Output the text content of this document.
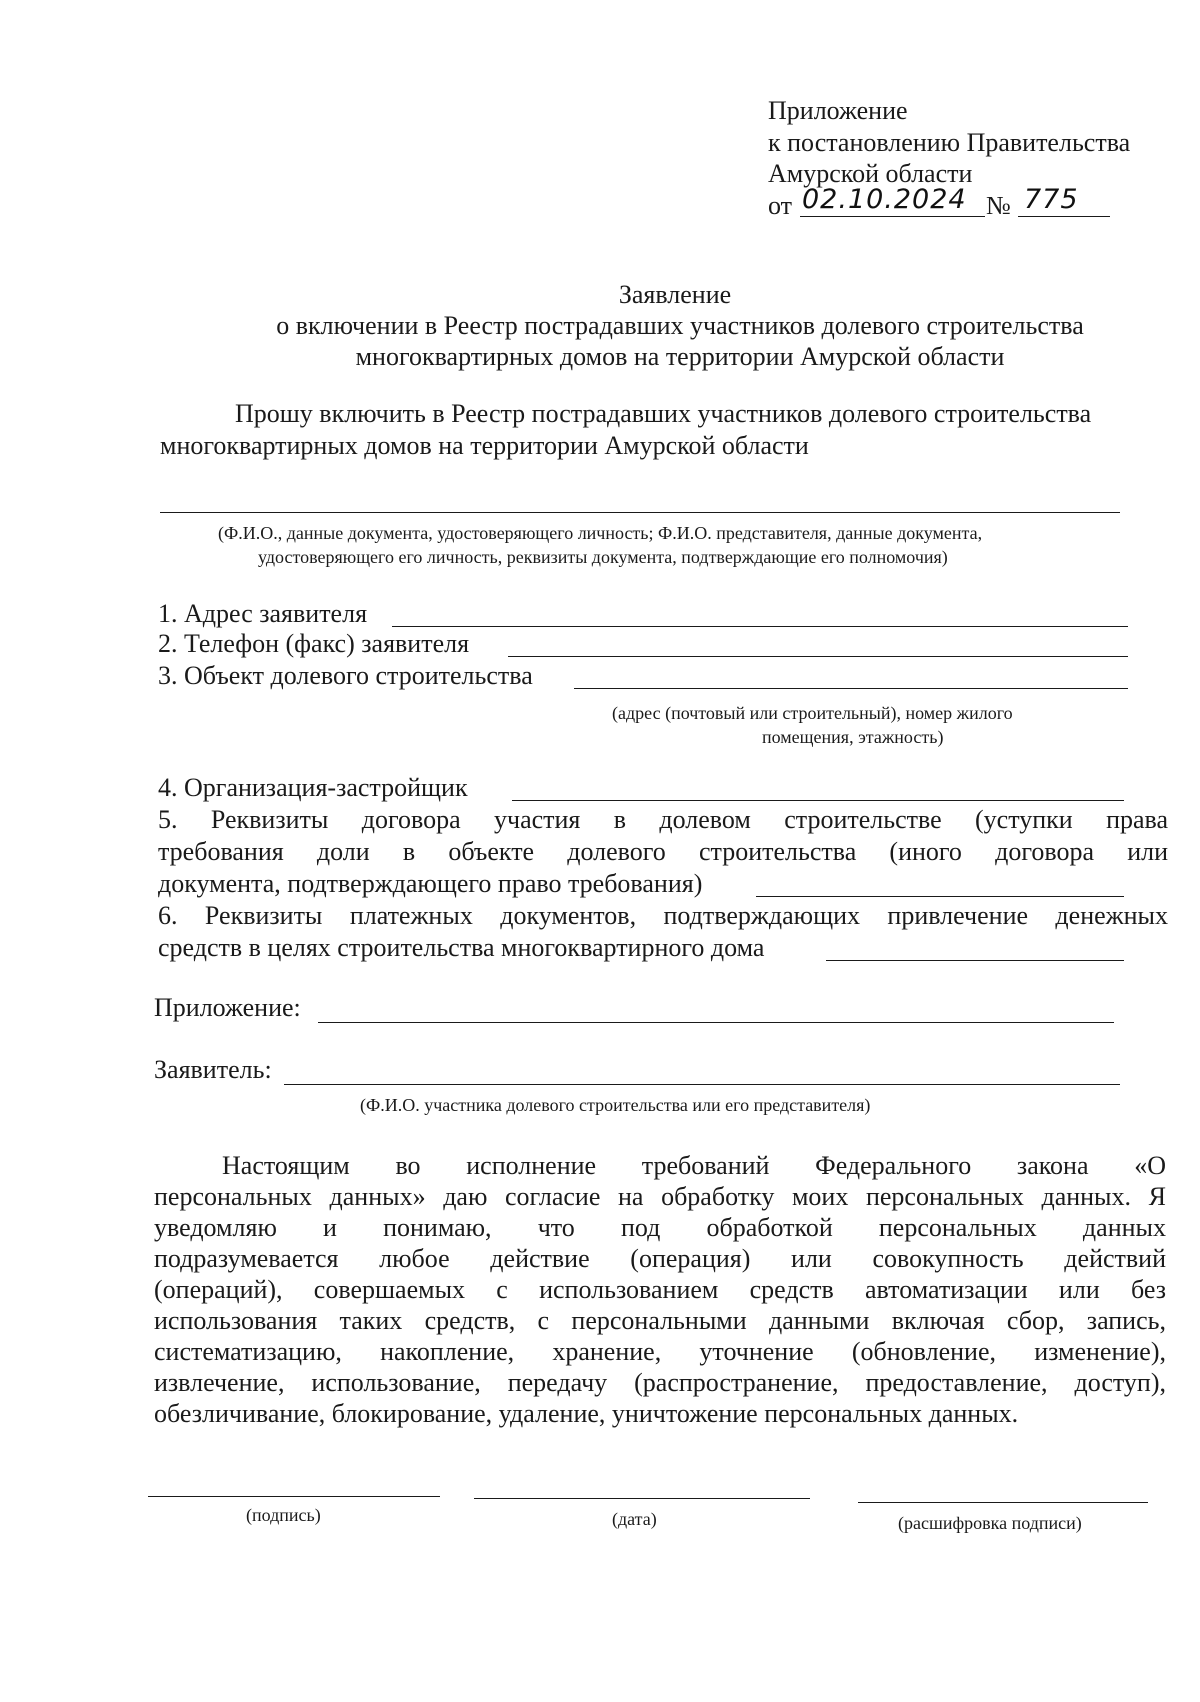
Приложение
к постановлению Правительства
Амурской области
от 02.10.2024 № 775
Заявление
о включении в Реестр пострадавших участников долевого строительства
многоквартирных домов на территории Амурской области
Прошу включить в Реестр пострадавших участников долевого строительства
многоквартирных домов на территории Амурской области
(Ф.И.О., данные документа, удостоверяющего личность; Ф.И.О. представителя, данные документа,
удостоверяющего его личность, реквизиты документа, подтверждающие его полномочия)
1. Адрес заявителя
2. Телефон (факс) заявителя
3. Объект долевого строительства
(адрес (почтовый или строительный), номер жилого
помещения, этажность)
4. Организация-застройщик
5. Реквизиты договора участия в долевом строительстве (уступки права
требования доли в объекте долевого строительства (иного договора или
документа, подтверждающего право требования)
6. Реквизиты платежных документов, подтверждающих привлечение денежных
средств в целях строительства многоквартирного дома
Приложение:
Заявитель:
(Ф.И.О. участника долевого строительства или его представителя)
Настоящим во исполнение требований Федерального закона «О
персональных данных» даю согласие на обработку моих персональных данных. Я
уведомляю и понимаю, что под обработкой персональных данных
подразумевается любое действие (операция) или совокупность действий
(операций), совершаемых с использованием средств автоматизации или без
использования таких средств, с персональными данными включая сбор, запись,
систематизацию, накопление, хранение, уточнение (обновление, изменение),
извлечение, использование, передачу (распространение, предоставление, доступ),
обезличивание, блокирование, удаление, уничтожение персональных данных.
(подпись)	(дата)	(расшифровка подписи)
